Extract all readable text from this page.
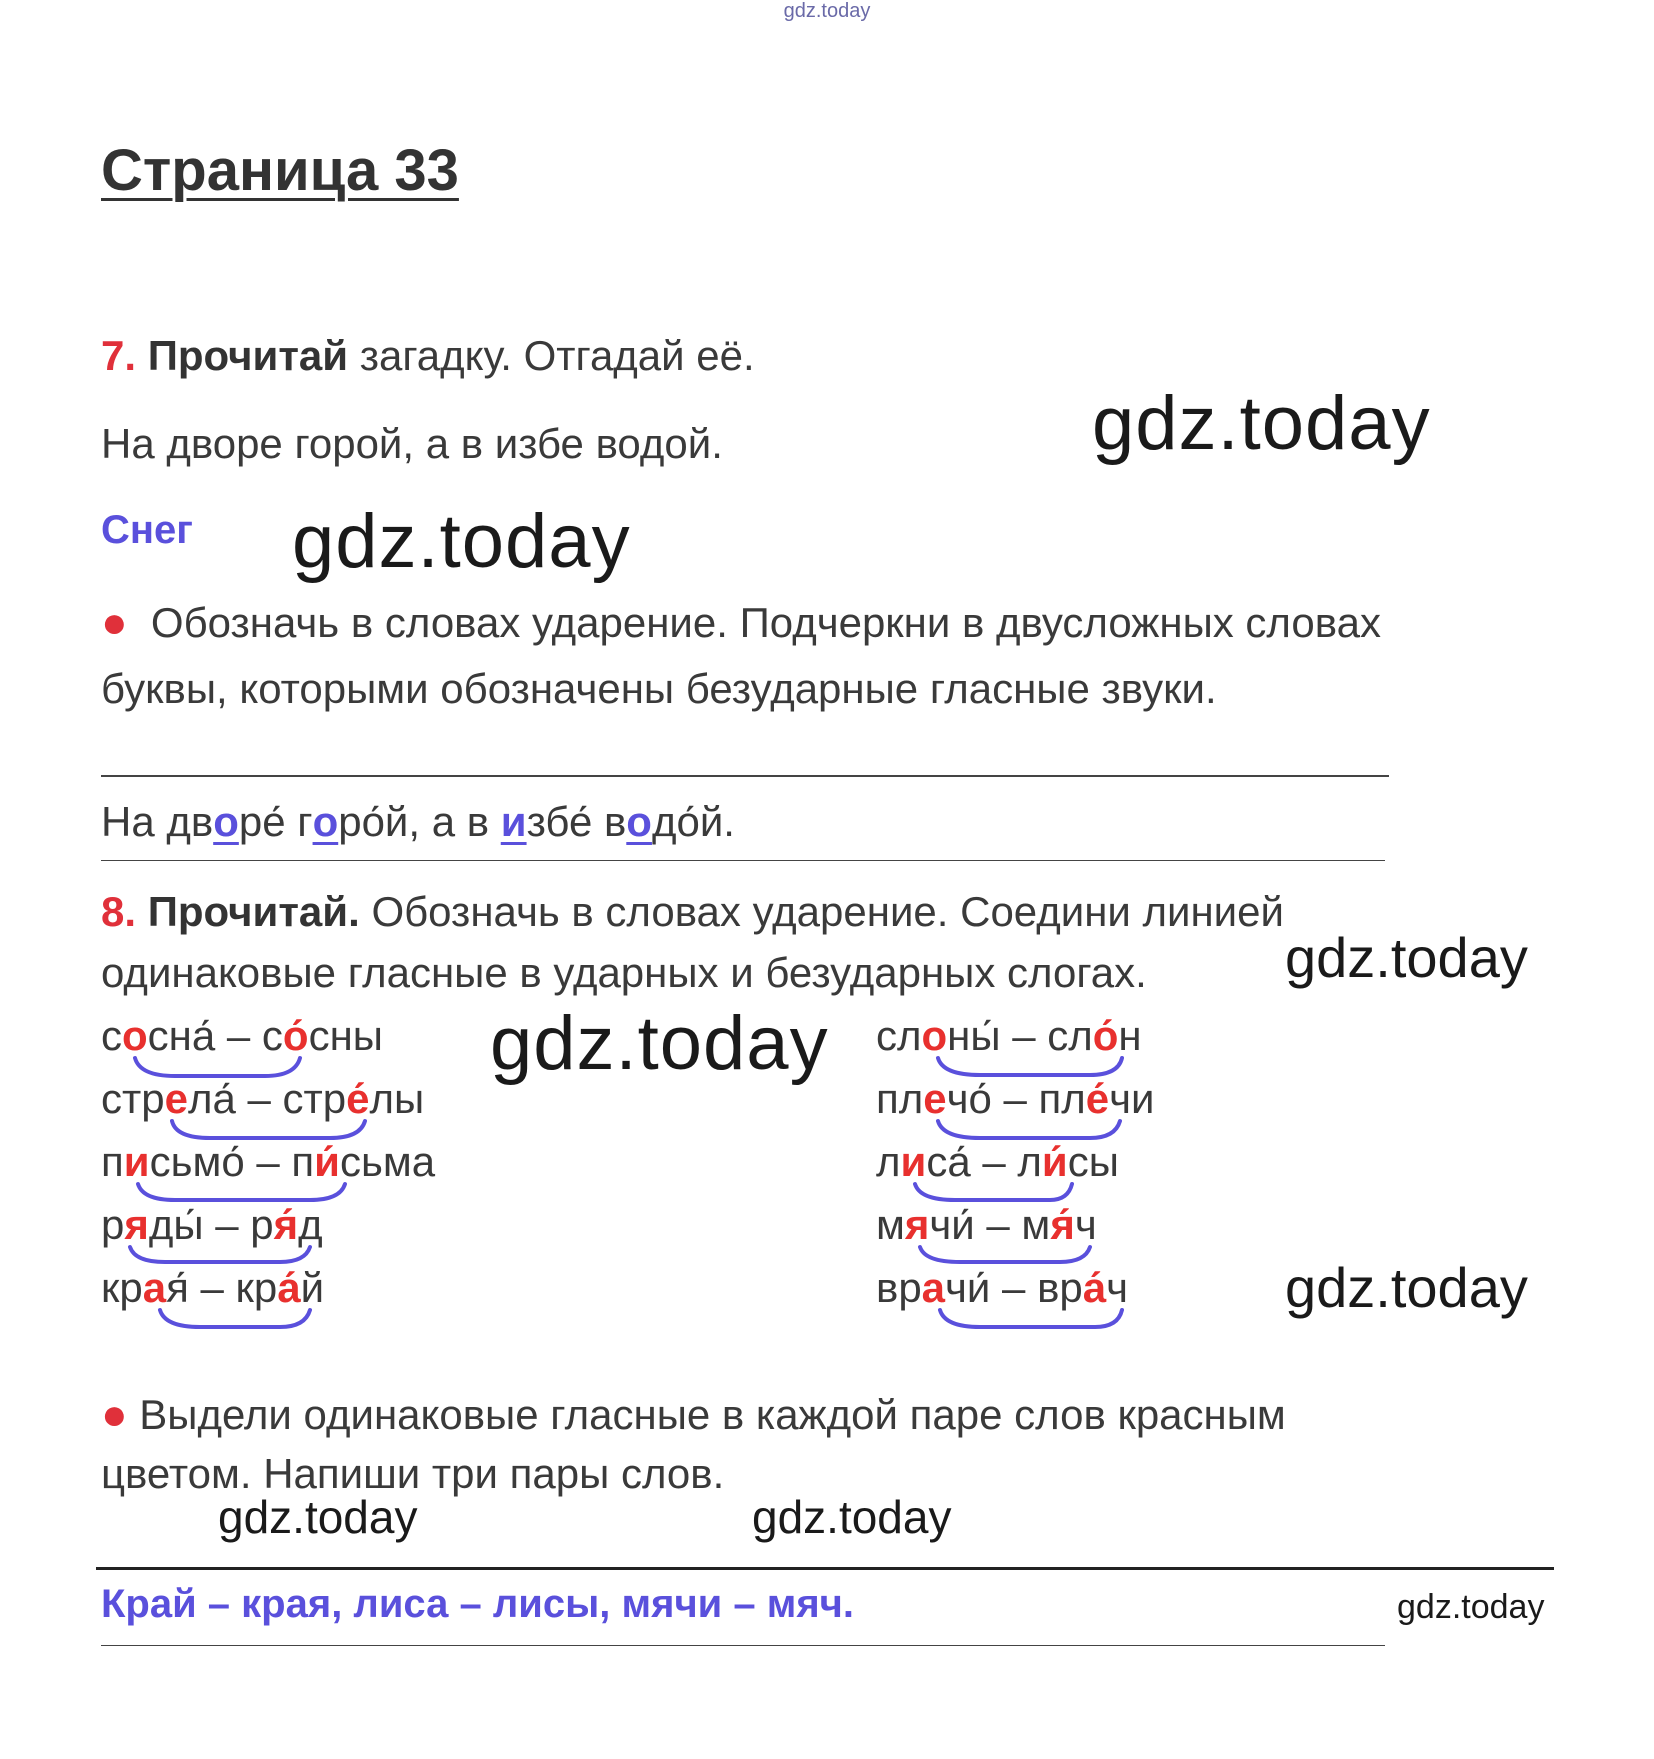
gdz.today
Страница 33
7. Прочитай загадку. Отгадай её.
gdz.today
На дворе горой, а в избе водой.
Снег gdz.today
● Обозначь в словах ударение. Подчеркни в двусложных словах
буквы, которыми обозначены безударные гласные звуки.
На дворе́ горо́й, а в избе́ водо́й.
8. Прочитай. Обозначь в словах ударение. Соедини линией
одинаковые гласные в ударных и безударных слогах. gdz.today
gdz.today
сосна́ – со́сны
стрела́ – стре́лы
письмо́ – пи́сьма
ряды́ – ря́д
края́ – кра́й
слоны́ – сло́н
плечо́ – пле́чи
лиса́ – ли́сы
мячи́ – мя́ч
врачи́ – вра́ч	gdz.today
● Выдели одинаковые гласные в каждой паре слов красным
цветом. Напиши три пары слов.
gdz.today	gdz.today
Край – края, лиса – лисы, мячи – мяч.	gdz.today
